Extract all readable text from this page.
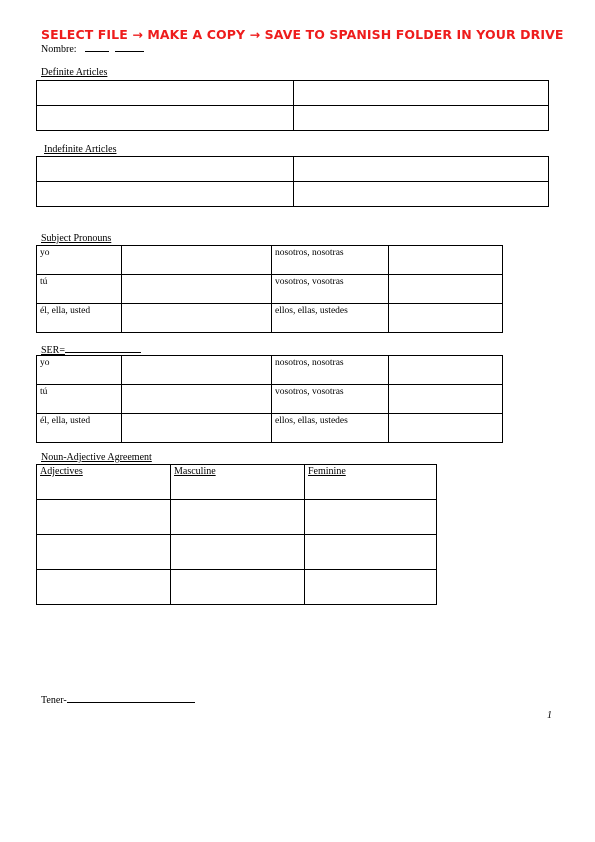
SELECT FILE → MAKE A COPY → SAVE TO SPANISH FOLDER IN YOUR DRIVE
Nombre:
Definite Articles

Indefinite Articles

Subject Pronouns
yo		nosotros, nosotras	
tú		vosotros, vosotras	
él, ella, usted		ellos, ellas, ustedes	
SER=
yo		nosotros, nosotras	
tú		vosotros, vosotras	
él, ella, usted		ellos, ellas, ustedes	
Noun-Adjective Agreement
Adjectives	Masculine	Feminine

Tener-
1
